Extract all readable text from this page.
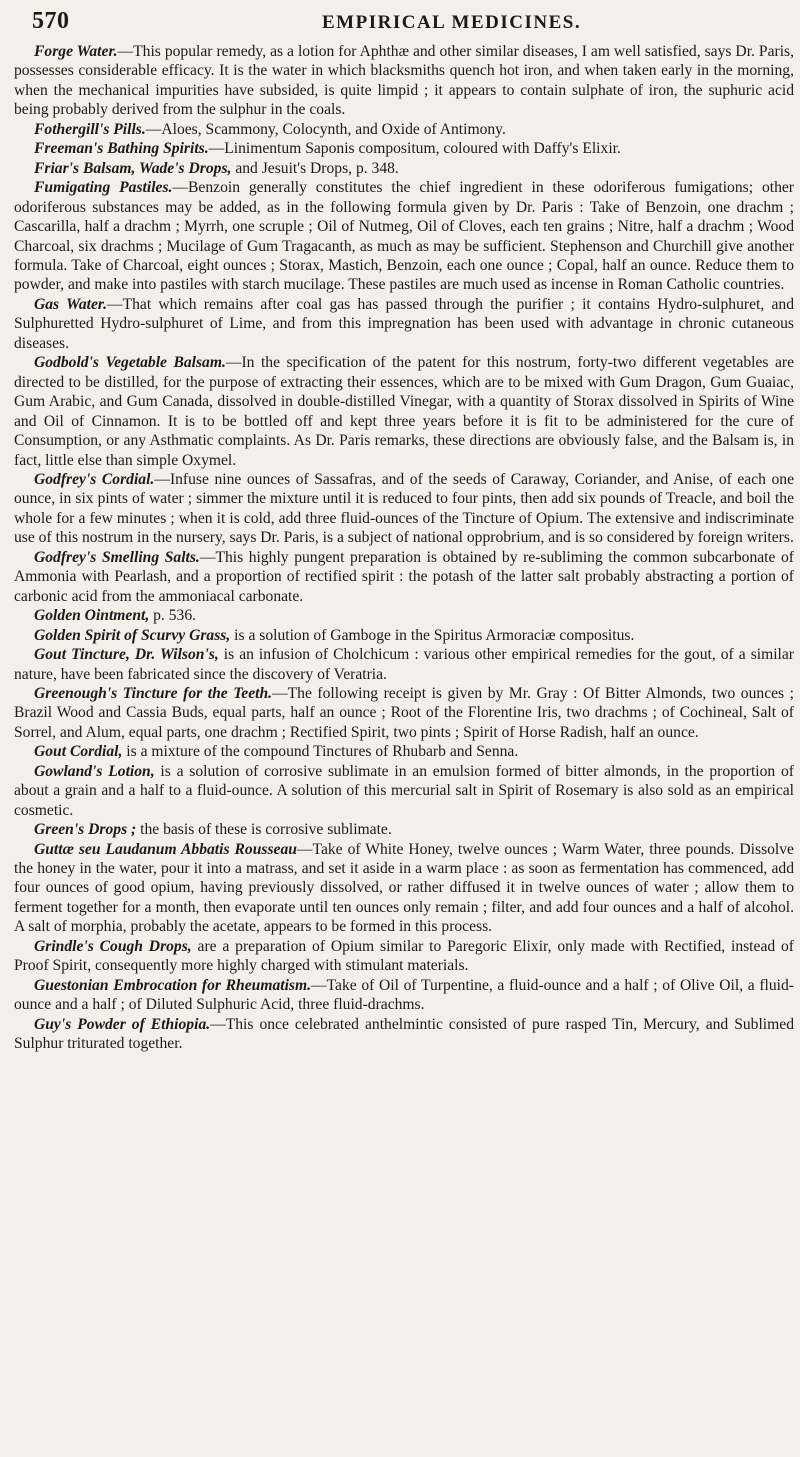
570	EMPIRICAL MEDICINES.

Forge Water.—This popular remedy, as a lotion for Aphthæ and other similar diseases, I am well satisfied, says Dr. Paris, possesses considerable efficacy. It is the water in which blacksmiths quench hot iron, and when taken early in the morning, when the mechanical impurities have subsided, is quite limpid ; it appears to contain sulphate of iron, the suphuric acid being probably derived from the sulphur in the coals.

Fothergill's Pills.—Aloes, Scammony, Colocynth, and Oxide of Antimony.

Freeman's Bathing Spirits.—Linimentum Saponis compositum, coloured with Daffy's Elixir.

Friar's Balsam, Wade's Drops, and Jesuit's Drops, p. 348.

Fumigating Pastiles.—Benzoin generally constitutes the chief ingredient in these odoriferous fumigations; other odoriferous substances may be added, as in the following formula given by Dr. Paris : Take of Benzoin, one drachm ; Cascarilla, half a drachm ; Myrrh, one scruple ; Oil of Nutmeg, Oil of Cloves, each ten grains ; Nitre, half a drachm ; Wood Charcoal, six drachms ; Mucilage of Gum Tragacanth, as much as may be sufficient. Stephenson and Churchill give another formula. Take of Charcoal, eight ounces ; Storax, Mastich, Benzoin, each one ounce ; Copal, half an ounce. Reduce them to powder, and make into pastiles with starch mucilage. These pastiles are much used as incense in Roman Catholic countries.

Gas Water.—That which remains after coal gas has passed through the purifier ; it contains Hydro-sulphuret, and Sulphuretted Hydro-sulphuret of Lime, and from this impregnation has been used with advantage in chronic cutaneous diseases.

Godbold's Vegetable Balsam.—In the specification of the patent for this nostrum, forty-two different vegetables are directed to be distilled, for the purpose of extracting their essences, which are to be mixed with Gum Dragon, Gum Guaiac, Gum Arabic, and Gum Canada, dissolved in double-distilled Vinegar, with a quantity of Storax dissolved in Spirits of Wine and Oil of Cinnamon. It is to be bottled off and kept three years before it is fit to be administered for the cure of Consumption, or any Asthmatic complaints. As Dr. Paris remarks, these directions are obviously false, and the Balsam is, in fact, little else than simple Oxymel.

Godfrey's Cordial.—Infuse nine ounces of Sassafras, and of the seeds of Caraway, Coriander, and Anise, of each one ounce, in six pints of water ; simmer the mixture until it is reduced to four pints, then add six pounds of Treacle, and boil the whole for a few minutes ; when it is cold, add three fluid-ounces of the Tincture of Opium. The extensive and indiscriminate use of this nostrum in the nursery, says Dr. Paris, is a subject of national opprobrium, and is so considered by foreign writers.

Godfrey's Smelling Salts.—This highly pungent preparation is obtained by re-subliming the common subcarbonate of Ammonia with Pearlash, and a proportion of rectified spirit : the potash of the latter salt probably abstracting a portion of carbonic acid from the ammoniacal carbonate.

Golden Ointment, p. 536.

Golden Spirit of Scurvy Grass, is a solution of Gamboge in the Spiritus Armoraciæ compositus.

Gout Tincture, Dr. Wilson's, is an infusion of Cholchicum : various other empirical remedies for the gout, of a similar nature, have been fabricated since the discovery of Veratria.

Greenough's Tincture for the Teeth.—The following receipt is given by Mr. Gray : Of Bitter Almonds, two ounces ; Brazil Wood and Cassia Buds, equal parts, half an ounce ; Root of the Florentine Iris, two drachms ; of Cochineal, Salt of Sorrel, and Alum, equal parts, one drachm ; Rectified Spirit, two pints ; Spirit of Horse Radish, half an ounce.

Gout Cordial, is a mixture of the compound Tinctures of Rhubarb and Senna.

Gowland's Lotion, is a solution of corrosive sublimate in an emulsion formed of bitter almonds, in the proportion of about a grain and a half to a fluid-ounce. A solution of this mercurial salt in Spirit of Rosemary is also sold as an empirical cosmetic.

Green's Drops ; the basis of these is corrosive sublimate.

Guttæ seu Laudanum Abbatis Rousseau—Take of White Honey, twelve ounces ; Warm Water, three pounds. Dissolve the honey in the water, pour it into a matrass, and set it aside in a warm place : as soon as fermentation has commenced, add four ounces of good opium, having previously dissolved, or rather diffused it in twelve ounces of water ; allow them to ferment together for a month, then evaporate until ten ounces only remain ; filter, and add four ounces and a half of alcohol. A salt of morphia, probably the acetate, appears to be formed in this process.

Grindle's Cough Drops, are a preparation of Opium similar to Paregoric Elixir, only made with Rectified, instead of Proof Spirit, consequently more highly charged with stimulant materials.

Guestonian Embrocation for Rheumatism.—Take of Oil of Turpentine, a fluid-ounce and a half ; of Olive Oil, a fluid-ounce and a half ; of Diluted Sulphuric Acid, three fluid-drachms.

Guy's Powder of Ethiopia.—This once celebrated anthelmintic consisted of pure rasped Tin, Mercury, and Sublimed Sulphur triturated together.
